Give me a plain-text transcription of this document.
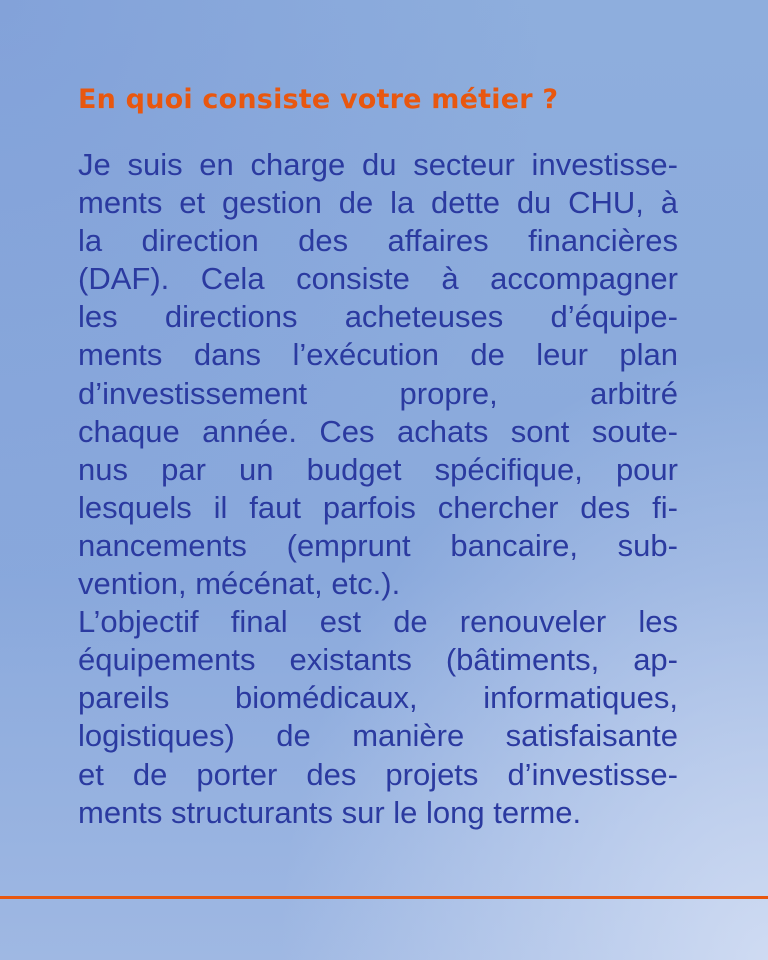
En quoi consiste votre métier ?
Je suis en charge du secteur investisse-
ments et gestion de la dette du CHU, à
la direction des affaires financières
(DAF). Cela consiste à accompagner
les directions acheteuses d’équipe-
ments dans l’exécution de leur plan
d’investissement propre, arbitré
chaque année. Ces achats sont soute-
nus par un budget spécifique, pour
lesquels il faut parfois chercher des fi-
nancements (emprunt bancaire, sub-
vention, mécénat, etc.).
L’objectif final est de renouveler les
équipements existants (bâtiments, ap-
pareils biomédicaux, informatiques,
logistiques) de manière satisfaisante
et de porter des projets d’investisse-
ments structurants sur le long terme.
